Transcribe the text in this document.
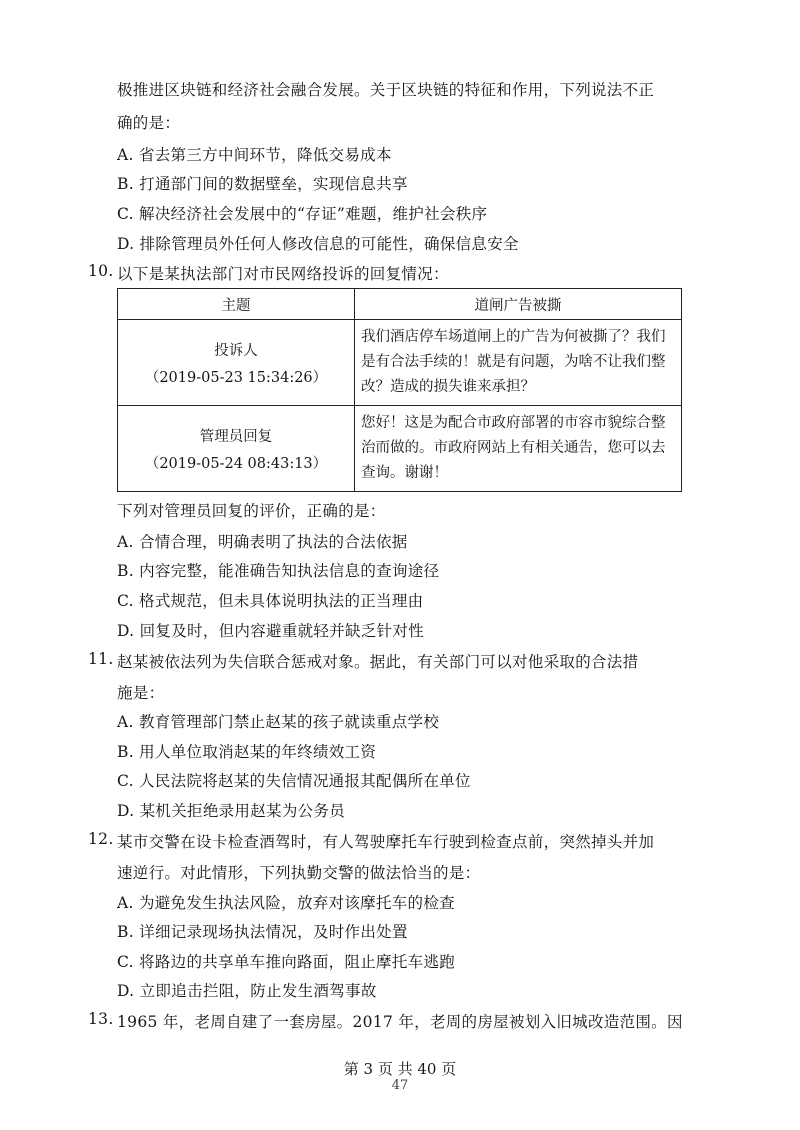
极推进区块链和经济社会融合发展。关于区块链的特征和作用，下列说法不正
确的是：
A. 省去第三方中间环节，降低交易成本
B. 打通部门间的数据壁垒，实现信息共享
C. 解决经济社会发展中的“存证”难题，维护社会秩序
D. 排除管理员外任何人修改信息的可能性，确保信息安全
10. 以下是某执法部门对市民网络投诉的回复情况：
主题	道闸广告被撕

投诉人
（2019-05-23 15:34:26）	我们酒店停车场道闸上的广告为何被撕了？我们是有合法手续的！就是有问题，为啥不让我们整改？造成的损失谁来承担？

管理员回复
（2019-05-24 08:43:13）	您好！这是为配合市政府部署的市容市貌综合整治而做的。市政府网站上有相关通告，您可以去查询。谢谢！
下列对管理员回复的评价，正确的是：
A. 合情合理，明确表明了执法的合法依据
B. 内容完整，能准确告知执法信息的查询途径
C. 格式规范，但未具体说明执法的正当理由
D. 回复及时，但内容避重就轻并缺乏针对性
11. 赵某被依法列为失信联合惩戒对象。据此，有关部门可以对他采取的合法措
施是：
A. 教育管理部门禁止赵某的孩子就读重点学校
B. 用人单位取消赵某的年终绩效工资
C. 人民法院将赵某的失信情况通报其配偶所在单位
D. 某机关拒绝录用赵某为公务员
12. 某市交警在设卡检查酒驾时，有人驾驶摩托车行驶到检查点前，突然掉头并加
速逆行。对此情形，下列执勤交警的做法恰当的是：
A. 为避免发生执法风险，放弃对该摩托车的检查
B. 详细记录现场执法情况，及时作出处置
C. 将路边的共享单车推向路面，阻止摩托车逃跑
D. 立即追击拦阻，防止发生酒驾事故
13. 1965 年，老周自建了一套房屋。2017 年，老周的房屋被划入旧城改造范围。因
第 3 页 共 40 页
47
